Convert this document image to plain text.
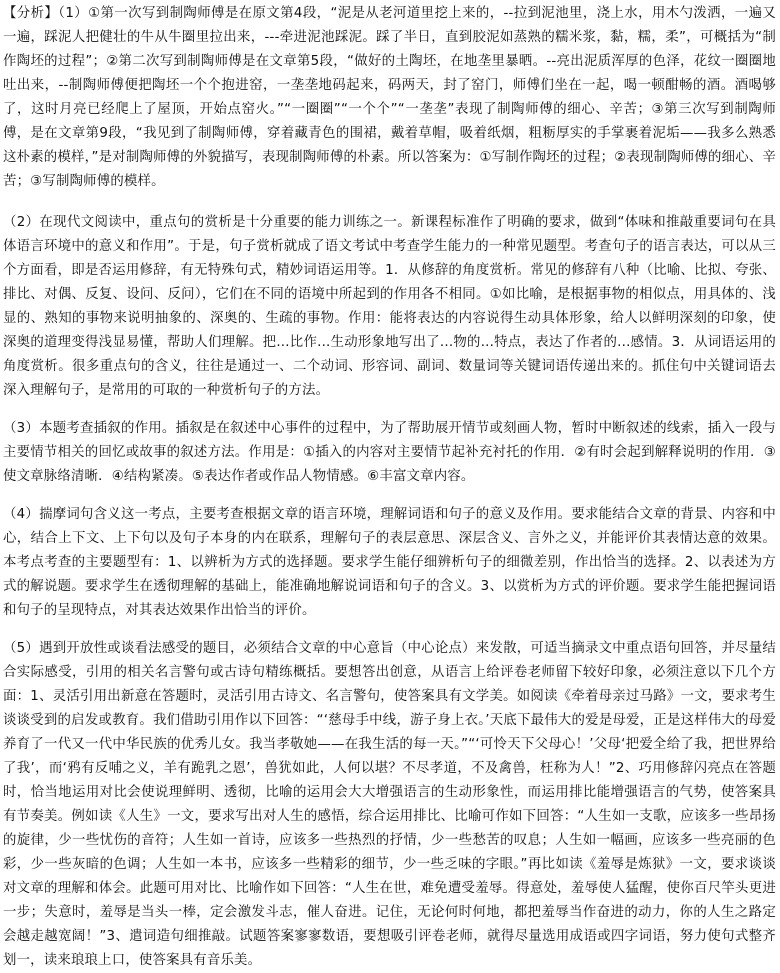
【分析】（1）①第一次写到制陶师傅是在原文第4段，“泥是从老河道里挖上来的，--拉到泥池里，浇上水，用木勺泼洒，一遍又一遍，踩泥人把健壮的牛从牛圈里拉出来，---牵进泥池踩泥。踩了半日，直到胶泥如蒸熟的糯米浆，黏，糯，柔”，可概括为“制作陶坯的过程”；②第二次写到制陶师傅是在文章第5段，“做好的土陶坯，在地垄里暴晒。--亮出泥质浑厚的色泽，花纹一圈圈地吐出来，--制陶师傅便把陶坯一个个抱进窑，一垄垄地码起来，码两天，封了窑门，师傅们坐在一起，喝一顿酣畅的酒。酒喝够了，这时月亮已经爬上了屋顶，开始点窑火。”“一圈圈”“一个个”“一垄垄”表现了制陶师傅的细心、辛苦；③第三次写到制陶师傅，是在文章第9段，“我见到了制陶师傅，穿着藏青色的围裙，戴着草帽，吸着纸烟，粗粝厚实的手掌裹着泥垢——我多么熟悉这朴素的模样，”是对制陶师傅的外貌描写，表现制陶师傅的朴素。所以答案为：①写制作陶坯的过程；②表现制陶师傅的细心、辛苦；③写制陶师傅的模样。

（2）在现代文阅读中，重点句的赏析是十分重要的能力训练之一。新课程标准作了明确的要求，做到“体味和推敲重要词句在具体语言环境中的意义和作用”。于是，句子赏析就成了语文考试中考查学生能力的一种常见题型。考查句子的语言表达，可以从三个方面看，即是否运用修辞，有无特殊句式，精妙词语运用等。1．从修辞的角度赏析。常见的修辞有八种（比喻、比拟、夸张、排比、对偶、反复、设问、反问），它们在不同的语境中所起到的作用各不相同。①如比喻，是根据事物的相似点，用具体的、浅显的、熟知的事物来说明抽象的、深奥的、生疏的事物。作用：能将表达的内容说得生动具体形象，给人以鲜明深刻的印象，使深奥的道理变得浅显易懂，帮助人们理解。把...比作...生动形象地写出了...物的...特点，表达了作者的...感情。3．从词语运用的角度赏析。很多重点句的含义，往往是通过一、二个动词、形容词、副词、数量词等关键词语传递出来的。抓住句中关键词语去深入理解句子，是常用的可取的一种赏析句子的方法。

（3）本题考查插叙的作用。插叙是在叙述中心事件的过程中，为了帮助展开情节或刻画人物，暂时中断叙述的线索，插入一段与主要情节相关的回忆或故事的叙述方法。作用是：①插入的内容对主要情节起补充衬托的作用．②有时会起到解释说明的作用．③使文章脉络清晰．④结构紧凑。⑤表达作者或作品人物情感。⑥丰富文章内容。

（4）揣摩词句含义这一考点，主要考查根据文章的语言环境，理解词语和句子的意义及作用。要求能结合文章的背景、内容和中心，结合上下文、上下句以及句子本身的内在联系，理解句子的表层意思、深层含义、言外之义，并能评价其表情达意的效果。本考点考查的主要题型有：1、以辨析为方式的选择题。要求学生能仔细辨析句子的细微差别，作出恰当的选择。2、以表述为方式的解说题。要求学生在透彻理解的基础上，能准确地解说词语和句子的含义。3、以赏析为方式的评价题。要求学生能把握词语和句子的呈现特点，对其表达效果作出恰当的评价。

（5）遇到开放性或谈看法感受的题目，必须结合文章的中心意旨（中心论点）来发散，可适当摘录文中重点语句回答，并尽量结合实际感受，引用的相关名言警句或古诗句精练概括。要想答出创意，从语言上给评卷老师留下较好印象，必须注意以下几个方面：1、灵活引用出新意在答题时，灵活引用古诗文、名言警句，使答案具有文学美。如阅读《牵着母亲过马路》一文，要求考生谈谈受到的启发或教育。我们借助引用作以下回答：“‘慈母手中线，游子身上衣。’天底下最伟大的爱是母爱，正是这样伟大的母爱养育了一代又一代中华民族的优秀儿女。我当孝敬她——在我生活的每一天。”“‘可怜天下父母心！’父母‘把爱全给了我，把世界给了我’，而‘鸦有反哺之义，羊有跪乳之恩’，兽犹如此，人何以堪？不尽孝道，不及禽兽，枉称为人！”2、巧用修辞闪亮点在答题时，恰当地运用对比会使说理鲜明、透彻，比喻的运用会大大增强语言的生动形象性，而运用排比能增强语言的气势，使答案具有节奏美。例如读《人生》一文，要求写出对人生的感悟，综合运用排比、比喻可作如下回答：“人生如一支歌，应该多一些昂扬的旋律，少一些忧伤的音符；人生如一首诗，应该多一些热烈的抒情，少一些愁苦的叹息；人生如一幅画，应该多一些亮丽的色彩，少一些灰暗的色调；人生如一本书，应该多一些精彩的细节，少一些乏味的字眼。”再比如读《羞辱是炼狱》一文，要求谈谈对文章的理解和体会。此题可用对比、比喻作如下回答：“人生在世，难免遭受羞辱。得意处，羞辱使人猛醒，使你百尺竿头更进一步；失意时，羞辱是当头一棒，定会激发斗志，催人奋进。记住，无论何时何地，都把羞辱当作奋进的动力，你的人生之路定会越走越宽阔！”3、遣词造句细推敲。试题答案寥寥数语，要想吸引评卷老师，就得尽量选用成语或四字词语，努力使句式整齐划一，读来琅琅上口，使答案具有音乐美。
